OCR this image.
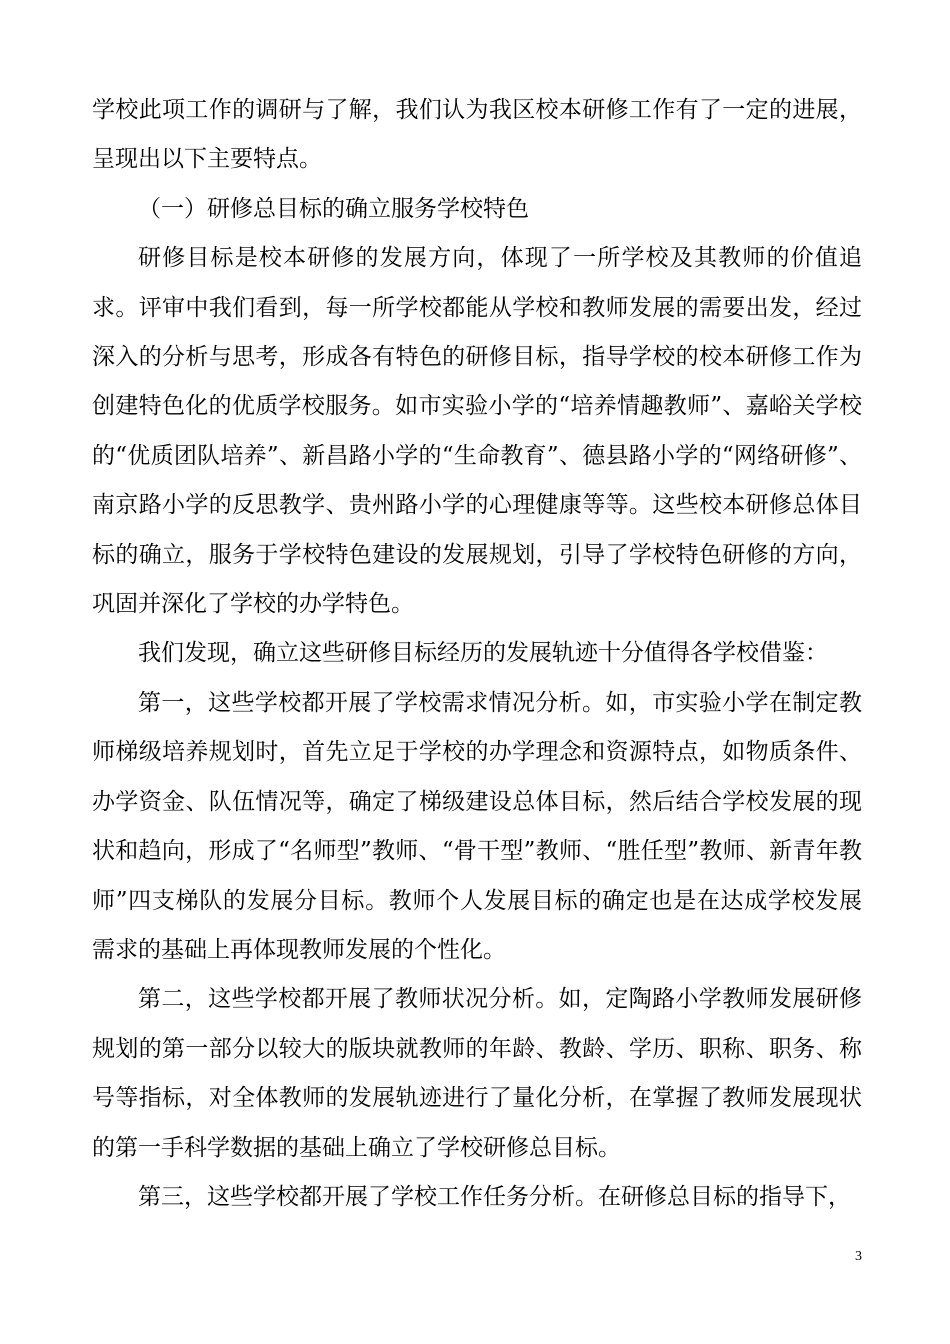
学校此项工作的调研与了解，我们认为我区校本研修工作有了一定的进展，呈现出以下主要特点。

（一）研修总目标的确立服务学校特色

研修目标是校本研修的发展方向，体现了一所学校及其教师的价值追求。评审中我们看到，每一所学校都能从学校和教师发展的需要出发，经过深入的分析与思考，形成各有特色的研修目标，指导学校的校本研修工作为创建特色化的优质学校服务。如市实验小学的“培养情趣教师”、嘉峪关学校的“优质团队培养”、新昌路小学的“生命教育”、德县路小学的“网络研修”、南京路小学的反思教学、贵州路小学的心理健康等等。这些校本研修总体目标的确立，服务于学校特色建设的发展规划，引导了学校特色研修的方向，巩固并深化了学校的办学特色。

我们发现，确立这些研修目标经历的发展轨迹十分值得各学校借鉴：

第一，这些学校都开展了学校需求情况分析。如，市实验小学在制定教师梯级培养规划时，首先立足于学校的办学理念和资源特点，如物质条件、办学资金、队伍情况等，确定了梯级建设总体目标，然后结合学校发展的现状和趋向，形成了“名师型”教师、“骨干型”教师、“胜任型”教师、新青年教师”四支梯队的发展分目标。教师个人发展目标的确定也是在达成学校发展需求的基础上再体现教师发展的个性化。

第二，这些学校都开展了教师状况分析。如，定陶路小学教师发展研修规划的第一部分以较大的版块就教师的年龄、教龄、学历、职称、职务、称号等指标，对全体教师的发展轨迹进行了量化分析，在掌握了教师发展现状的第一手科学数据的基础上确立了学校研修总目标。

第三，这些学校都开展了学校工作任务分析。在研修总目标的指导下，

3
